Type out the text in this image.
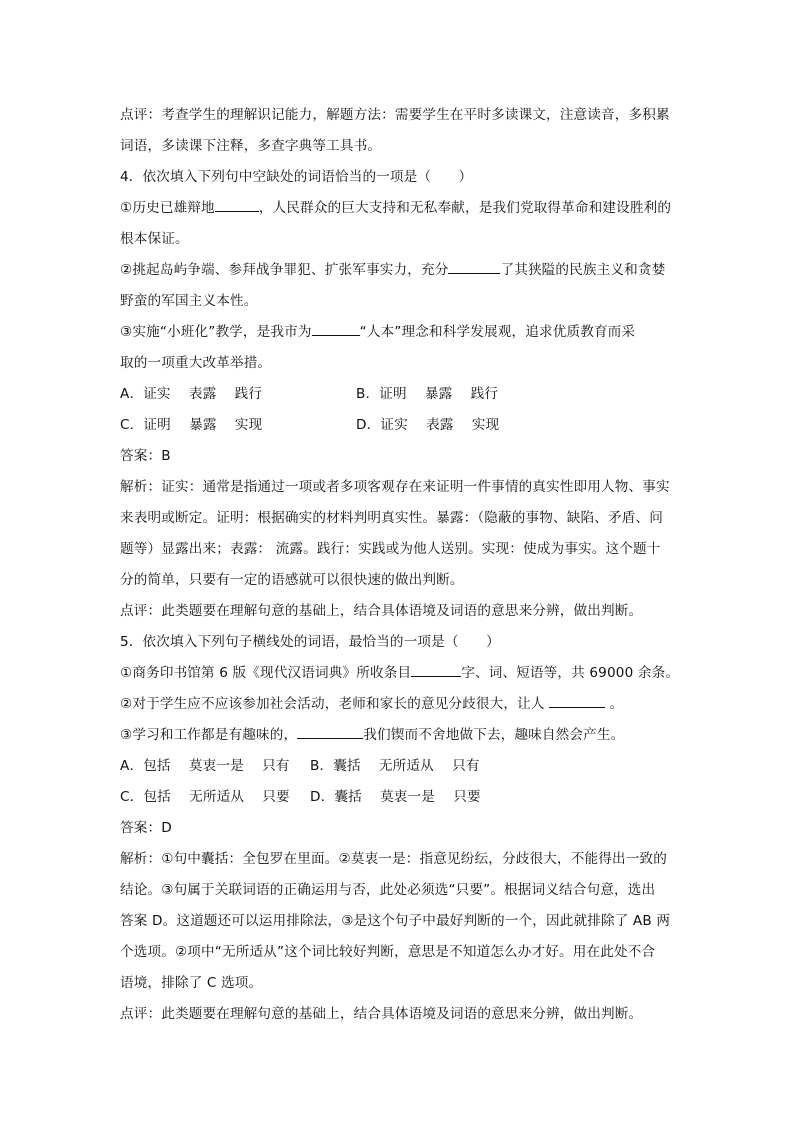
点评：考查学生的理解识记能力，解题方法：需要学生在平时多读课文，注意读音，多积累
词语，多读课下注释，多查字典等工具书。
4．依次填入下列句中空缺处的词语恰当的一项是（　　）
①历史已雄辩地	，人民群众的巨大支持和无私奉献，是我们党取得革命和建设胜利的
根本保证。
②挑起岛屿争端、参拜战争罪犯、扩张军事实力，充分	了其狭隘的民族主义和贪婪
野蛮的军国主义本性。
③实施“小班化”教学，是我市为	“人本”理念和科学发展观，追求优质教育而采
取的一项重大改革举措。
A．证实　 表露　 践行	B．证明　 暴露　 践行
C．证明　 暴露　 实现	D．证实　 表露　 实现
答案：B
解析：证实：通常是指通过一项或者多项客观存在来证明一件事情的真实性即用人物、事实
来表明或断定。证明：根据确实的材料判明真实性。暴露：（隐蔽的事物、缺陷、矛盾、问
题等）显露出来；表露： 流露。践行：实践或为他人送别。实现：使成为事实。这个题十
分的简单，只要有一定的语感就可以很快速的做出判断。
点评：此类题要在理解句意的基础上，结合具体语境及词语的意思来分辨，做出判断。
5．依次填入下列句子横线处的词语，最恰当的一项是（　　）
①商务印书馆第 6 版《现代汉语词典》所收条目	字、词、短语等，共 69000 余条。
②对于学生应不应该参加社会活动，老师和家长的意见分歧很大，让人	。
③学习和工作都是有趣味的，	我们锲而不舍地做下去，趣味自然会产生。
A．包括　 莫衷一是　 只有 B．囊括　 无所适从　 只有
C．包括　 无所适从　 只要 D．囊括　 莫衷一是　 只要
答案：D
解析：①句中囊括：全包罗在里面。②莫衷一是：指意见纷纭，分歧很大，不能得出一致的
结论。③句属于关联词语的正确运用与否，此处必须选“只要”。根据词义结合句意，选出
答案 D。这道题还可以运用排除法，③是这个句子中最好判断的一个，因此就排除了 AB 两
个选项。②项中“无所适从”这个词比较好判断，意思是不知道怎么办才好。用在此处不合
语境，排除了 C 选项。
点评：此类题要在理解句意的基础上，结合具体语境及词语的意思来分辨，做出判断。
